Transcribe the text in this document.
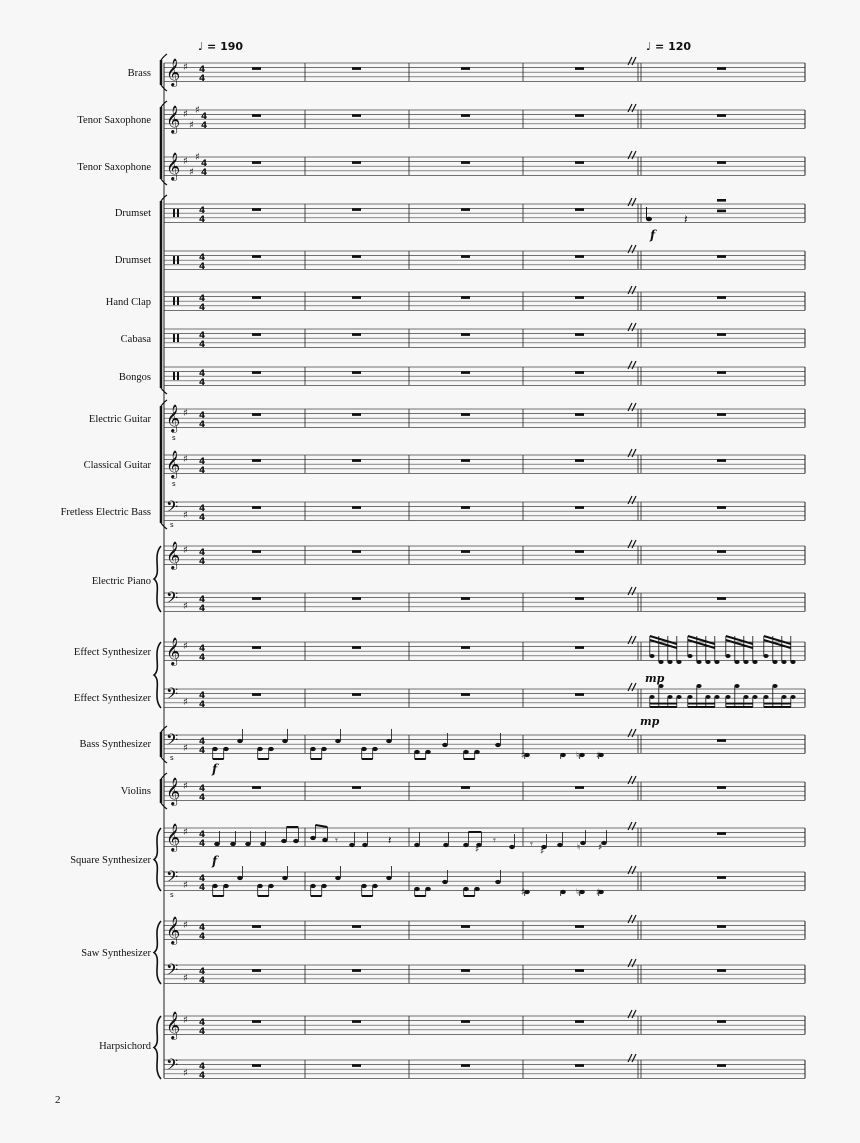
𝄞 ♯ 4
4
𝄞 ♯
♯
♯
4
4
𝄞 ♯
♯
♯
4
4
4
4
4
4
4
4
4
4
4
4
𝄞
s
♯ 4
4
𝄞
s
♯ 4
4
𝄢
s
♯
4
4
𝄞 ♯ 4
4
𝄢 ♯
4
4
𝄞 ♯ 4
4
𝄢 ♯
4
4
𝄢
s
♯
4
4
𝄞 ♯ 4
4
𝄞 ♯ 4
4
𝄢
s
♯
4
4
𝄞 ♯ 4
4
𝄢 ♯
4
4
𝄞 ♯ 4
4
𝄢 ♯
4
4
𝄽
f
mp
mp
♯	♮ ♯
♯	♮ ♯
f
𝄾	𝄽	𝄾	𝄾
♯	♯	♮ ♯
f
♩ = 190	♩ = 120
Brass
Tenor Saxophone
Tenor Saxophone
Drumset
Drumset
Hand Clap
Cabasa
Bongos
Electric Guitar
Classical Guitar
Fretless Electric Bass
Electric Piano
Effect Synthesizer
Effect Synthesizer
Bass Synthesizer
Violins
Square Synthesizer
Saw Synthesizer
Harpsichord
2
